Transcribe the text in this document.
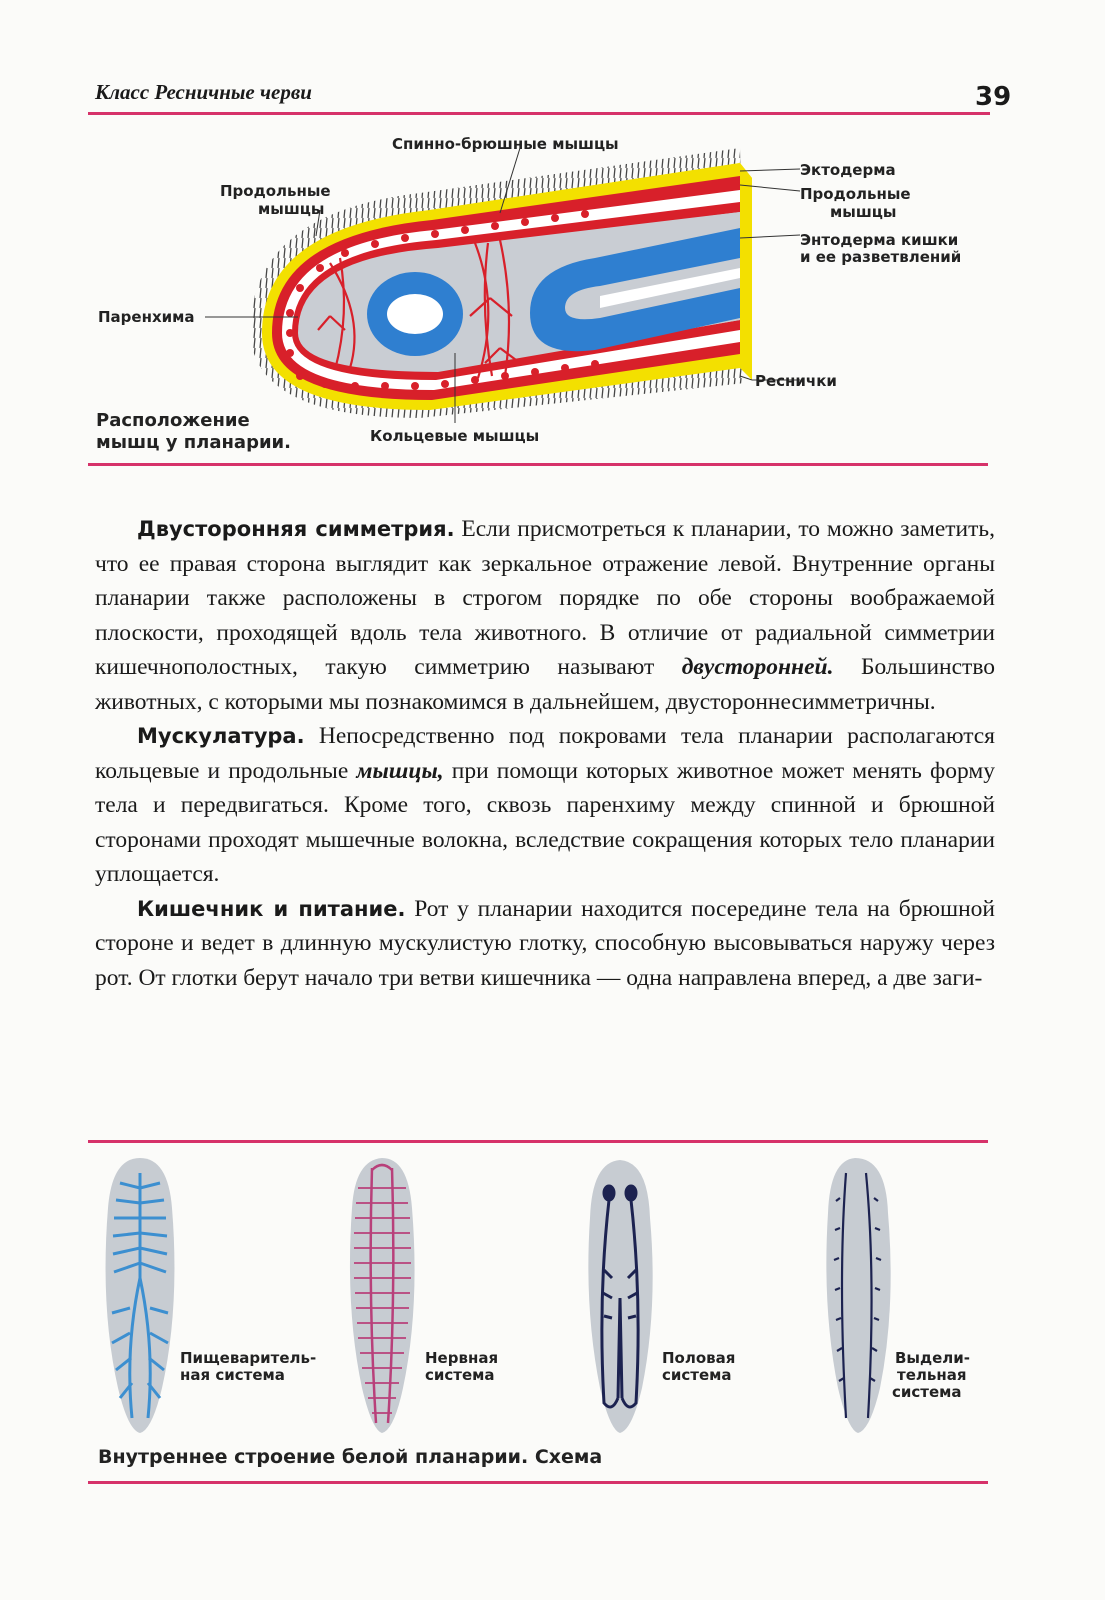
Класс Ресничные черви	39
Спинно-брюшные мышцы
Продольные
мышцы
Эктодерма
Продольные
мышцы
Энтодерма кишки
и ее разветвлений
Паренхима
Реснички
Кольцевые мышцы
Расположение
мышц у планарии.

Двусторонняя симметрия. Если присмотреться к планарии, то можно заметить, что ее правая сторона выглядит как зеркальное отражение левой. Внутренние органы планарии также расположены в строгом порядке по обе стороны воображаемой плоскости, проходящей вдоль тела животного. В отличие от радиальной симметрии кишечнополостных, такую симметрию называют двусторонней. Большинство животных, с которыми мы познакомимся в дальнейшем, двустороннесимметричны.

Мускулатура. Непосредственно под покровами тела планарии располагаются кольцевые и продольные мышцы, при помощи которых животное может менять форму тела и передвигаться. Кроме того, сквозь паренхиму между спинной и брюшной сторонами проходят мышечные волокна, вследствие сокращения которых тело планарии уплощается.

Кишечник и питание. Рот у планарии находится посередине тела на брюшной стороне и ведет в длинную мускулистую глотку, способную высовываться наружу через рот. От глотки берут начало три ветви кишечника — одна направлена вперед, а две заги-

Пищеваритель-
ная система
Нервная
система
Половая
система
Выдели-
тельная
система
Внутреннее строение белой планарии. Схема
